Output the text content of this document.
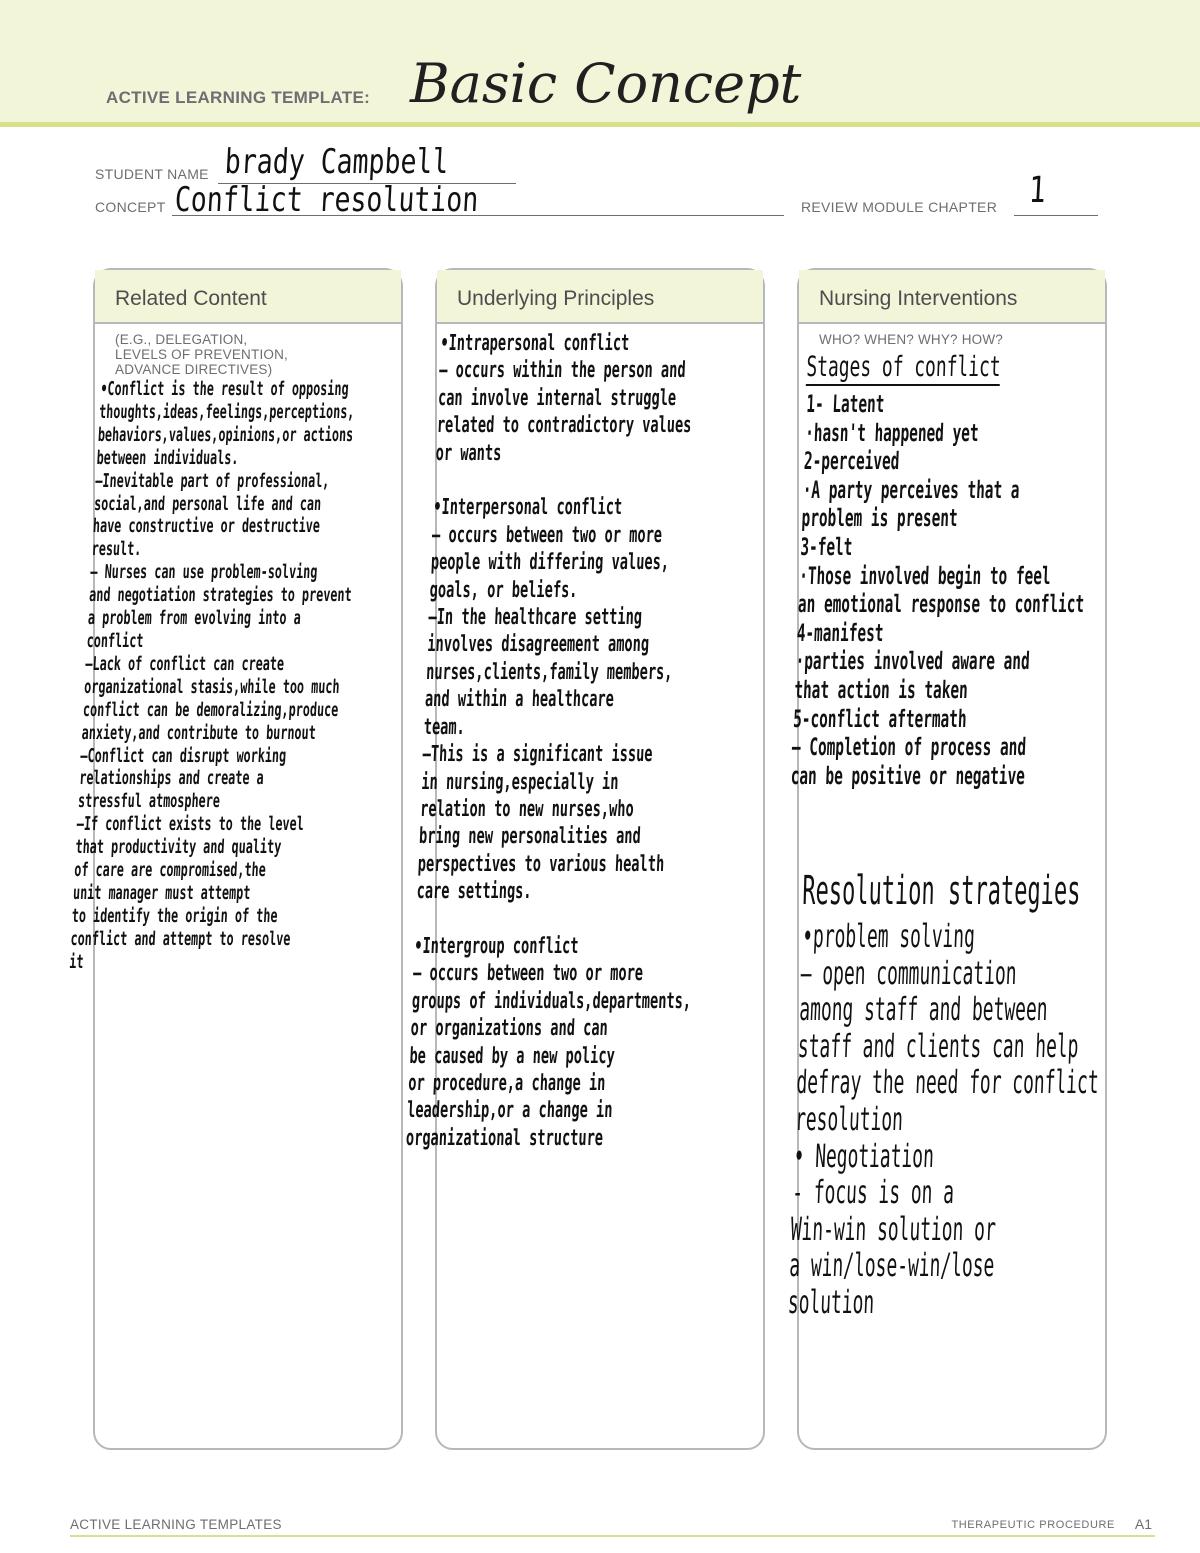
ACTIVE LEARNING TEMPLATE: Basic Concept
STUDENT NAME brady Campbell
CONCEPT Conflict resolution	REVIEW MODULE CHAPTER 1
Related Content
(E.G., DELEGATION,
LEVELS OF PREVENTION,
ADVANCE DIRECTIVES)
•Conflict is the result of opposing
thoughts,ideas,feelings,perceptions,
behaviors,values,opinions,or actions
between individuals.
—Inevitable part of professional,
social,and personal life and can
have constructive or destructive
result.
— Nurses can use problem-solving
and negotiation strategies to prevent
a problem from evolving into a
conflict
—Lack of conflict can create
organizational stasis,while too much
conflict can be demoralizing,produce
anxiety,and contribute to burnout
—Conflict can disrupt working
relationships and create a
stressful atmosphere
—If conflict exists to the level
that productivity and quality
of care are compromised,the
unit manager must attempt
to identify the origin of the
conflict and attempt to resolve
it
Underlying Principles
•Intrapersonal conflict
— occurs within the person and
can involve internal struggle
related to contradictory values
or wants

•Interpersonal conflict
— occurs between two or more
people with differing values,
goals, or beliefs.
—In the healthcare setting
involves disagreement among
nurses,clients,family members,
and within a healthcare
team.
—This is a significant issue
in nursing,especially in
relation to new nurses,who
bring new personalities and
perspectives to various health
care settings.

•Intergroup conflict
— occurs between two or more
groups of individuals,departments,
or organizations and can
be caused by a new policy
or procedure,a change in
leadership,or a change in
organizational structure
Nursing Interventions
WHO? WHEN? WHY? HOW?
Stages of conflict
1- Latent
·hasn't happened yet
2-perceived
·A party perceives that a
problem is present
3-felt
·Those involved begin to feel
an emotional response to conflict
4-manifest
·parties involved aware and
that action is taken
5-conflict aftermath
— Completion of process and
can be positive or negative
Resolution strategies
•problem solving
— open communication
among staff and between
staff and clients can help
defray the need for conflict
resolution
• Negotiation
- focus is on a
Win-win solution or
a win/lose-win/lose
solution
ACTIVE LEARNING TEMPLATES	THERAPEUTIC PROCEDURE A1
